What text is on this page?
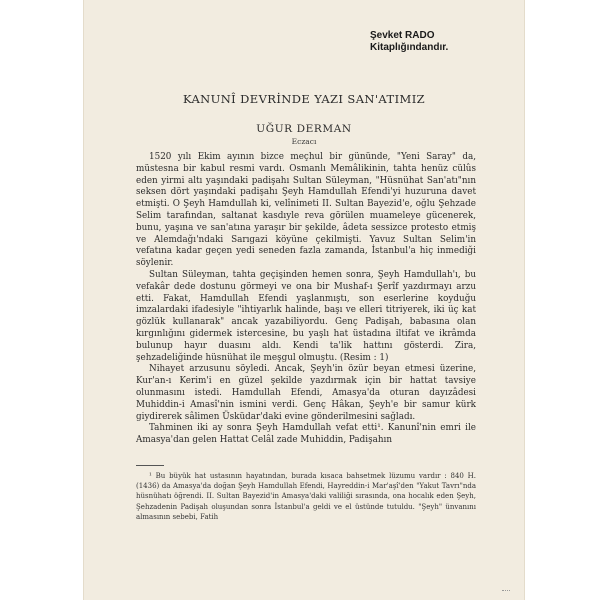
Şevket RADO
Kitaplığındandır.
KANUNÎ DEVRİNDE YAZI SAN'ATIMIZ
UĞUR DERMAN
Eczacı

1520 yılı Ekim ayının bizce meçhul bir gününde, "Yeni Saray" da, müstesna bir kabul resmi vardı. Osmanlı Memâlikinin, tahta henüz cülûs eden yirmi altı yaşındaki padişahı Sultan Süleyman, "Hüsnühat San'atı"nın seksen dört yaşındaki padişahı Şeyh Hamdullah Efendi'yi huzuruna davet etmişti. O Şeyh Hamdullah ki, velînimeti II. Sultan Bayezid'e, oğlu Şehzade Selim tarafından, saltanat kasdıyle reva görülen muameleye gücenerek, bunu, yaşına ve san'atına yaraşır bir şekilde, âdeta sessizce protesto etmiş ve Alemdağı'ndaki Sarıgazi köyüne çekilmişti. Yavuz Sultan Selim'in vefatına kadar geçen yedi seneden fazla zamanda, İstanbul'a hiç inmediği söylenir.

Sultan Süleyman, tahta geçişinden hemen sonra, Şeyh Hamdullah'ı, bu vefakâr dede dostunu görmeyi ve ona bir Mushaf-ı Şerîf yazdırmayı arzu etti. Fakat, Hamdullah Efendi yaşlanmıştı, son eserlerine koyduğu imzalardaki ifadesiyle "ihtiyarlık halinde, başı ve elleri titriyerek, iki üç kat gözlük kullanarak" ancak yazabiliyordu. Genç Padişah, babasına olan kırgınlığını gidermek istercesine, bu yaşlı hat üstadına iltifat ve ikrâmda bulunup hayır duasını aldı. Kendi ta'lik hattını gösterdi. Zira, şehzadeliğinde hüsnühat ile meşgul olmuştu. (Resim : 1)

Nihayet arzusunu söyledi. Ancak, Şeyh'in özür beyan etmesi üzerine, Kur'an-ı Kerim'i en güzel şekilde yazdırmak için bir hattat tavsiye olunmasını istedi. Hamdullah Efendi, Amasya'da oturan dayızâdesi Muhiddin-i Amasî'nin ismini verdi. Genç Hâkan, Şeyh'e bir samur kürk giydirerek sâlimen Üsküdar'daki evine gönderilmesini sağladı.

Tahminen iki ay sonra Şeyh Hamdullah vefat etti¹. Kanunî'nin emri ile Amasya'dan gelen Hattat Celâl zade Muhiddin, Padişahın

¹ Bu büyük hat ustasının hayatından, burada kısaca bahsetmek lüzumu vardır : 840 H. (1436) da Amasya'da doğan Şeyh Hamdullah Efendi, Hayreddin-i Mar'aşî'den "Yakut Tavrı"nda hüsnühatı öğrendi. II. Sultan Bayezid'in Amasya'daki valiliği sırasında, ona hocalık eden Şeyh, Şehzadenin Padişah oluşundan sonra İstanbul'a geldi ve el üstünde tutuldu. "Şeyh" ünvanını almasının sebebi, Fatih
